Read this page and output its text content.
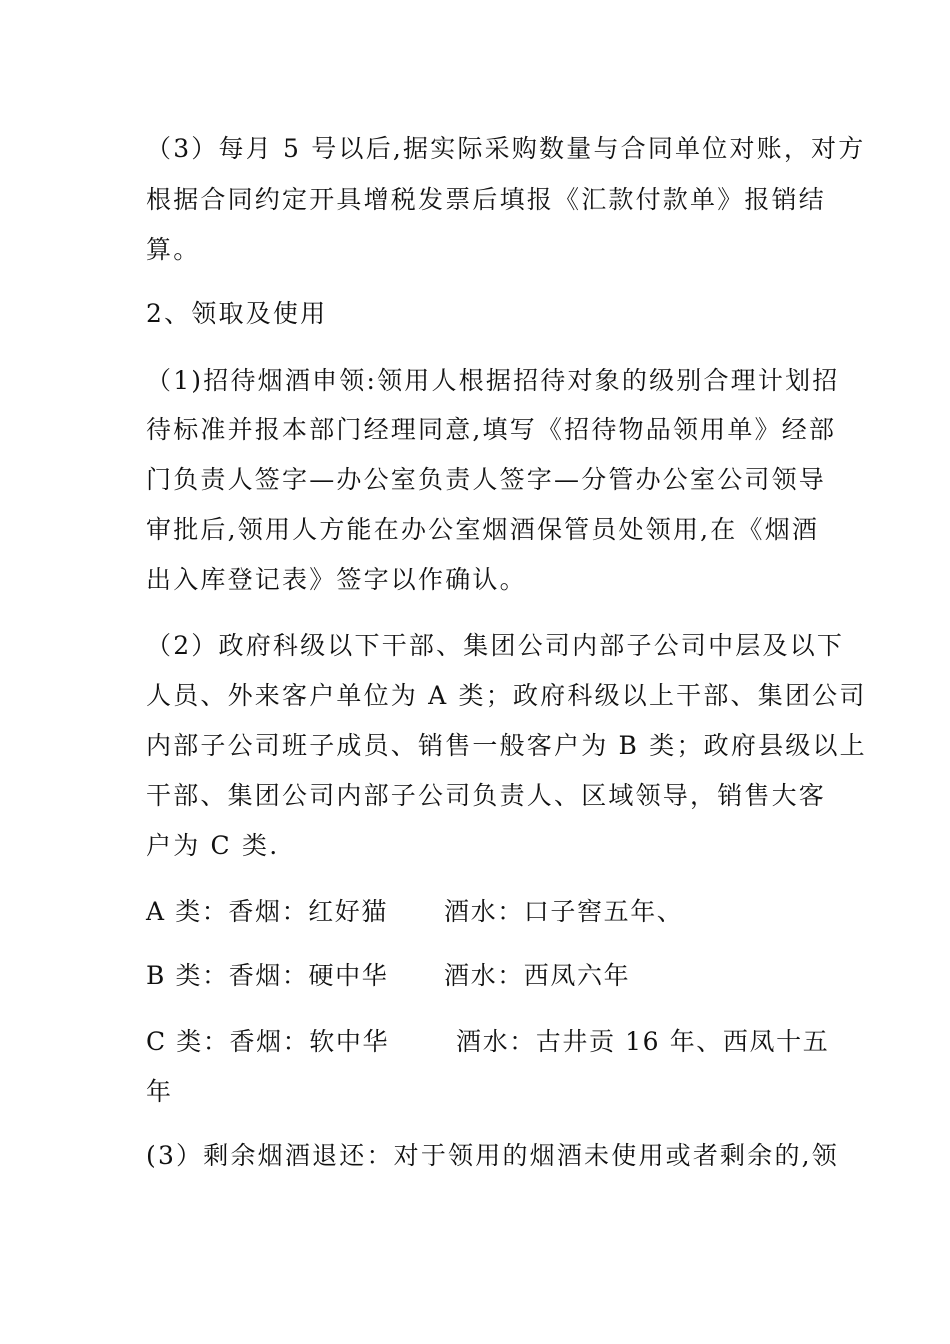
（3）每月 5 号以后,据实际采购数量与合同单位对账，对方
根据合同约定开具增税发票后填报《汇款付款单》报销结
算。
2、领取及使用
（1)招待烟酒申领:领用人根据招待对象的级别合理计划招
待标准并报本部门经理同意,填写《招待物品领用单》经部
门负责人签字—办公室负责人签字—分管办公室公司领导
审批后,领用人方能在办公室烟酒保管员处领用,在《烟酒
出入库登记表》签字以作确认。
（2）政府科级以下干部、集团公司内部子公司中层及以下
人员、外来客户单位为 A 类；政府科级以上干部、集团公司
内部子公司班子成员、销售一般客户为 B 类；政府县级以上
干部、集团公司内部子公司负责人、区域领导，销售大客
户为 C 类.
A 类：香烟：红好猫 酒水：口子窖五年、
B 类：香烟：硬中华 酒水：西凤六年
C 类：香烟：软中华	酒水：古井贡 16 年、西凤十五
年
(3）剩余烟酒退还：对于领用的烟酒未使用或者剩余的,领
